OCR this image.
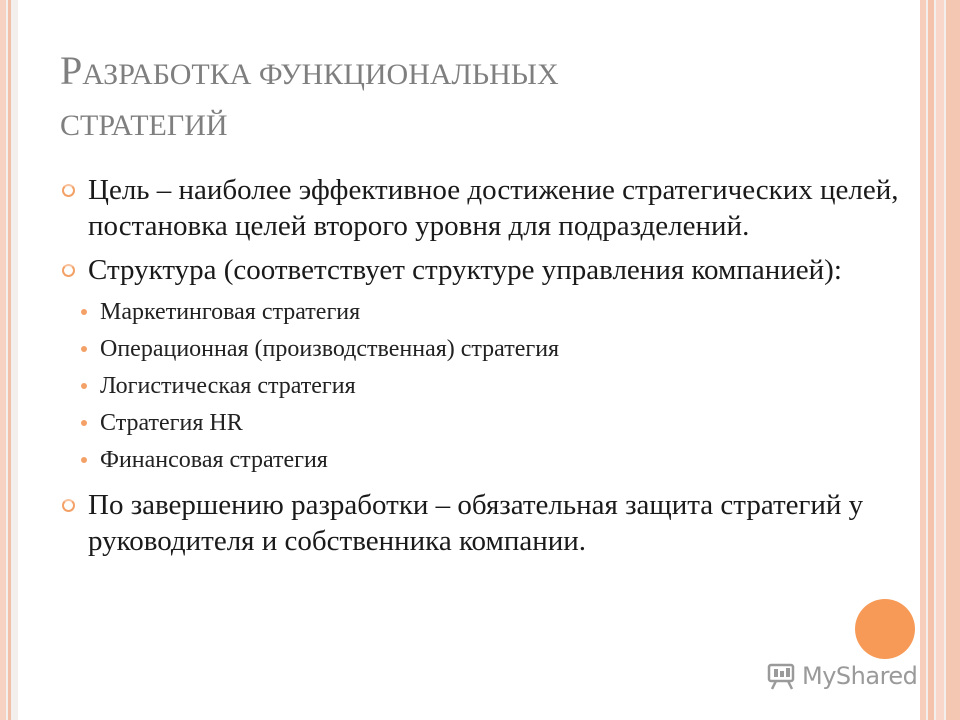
РАЗРАБОТКА ФУНКЦИОНАЛЬНЫХ
СТРАТЕГИЙ
Цель – наиболее эффективное достижение стратегических целей, постановка целей второго уровня для подразделений.
Структура (соответствует структуре управления компанией):
Маркетинговая стратегия
Операционная (производственная) стратегия
Логистическая стратегия
Стратегия HR
Финансовая стратегия
По завершению разработки – обязательная защита стратегий у руководителя и собственника компании.
MyShared
